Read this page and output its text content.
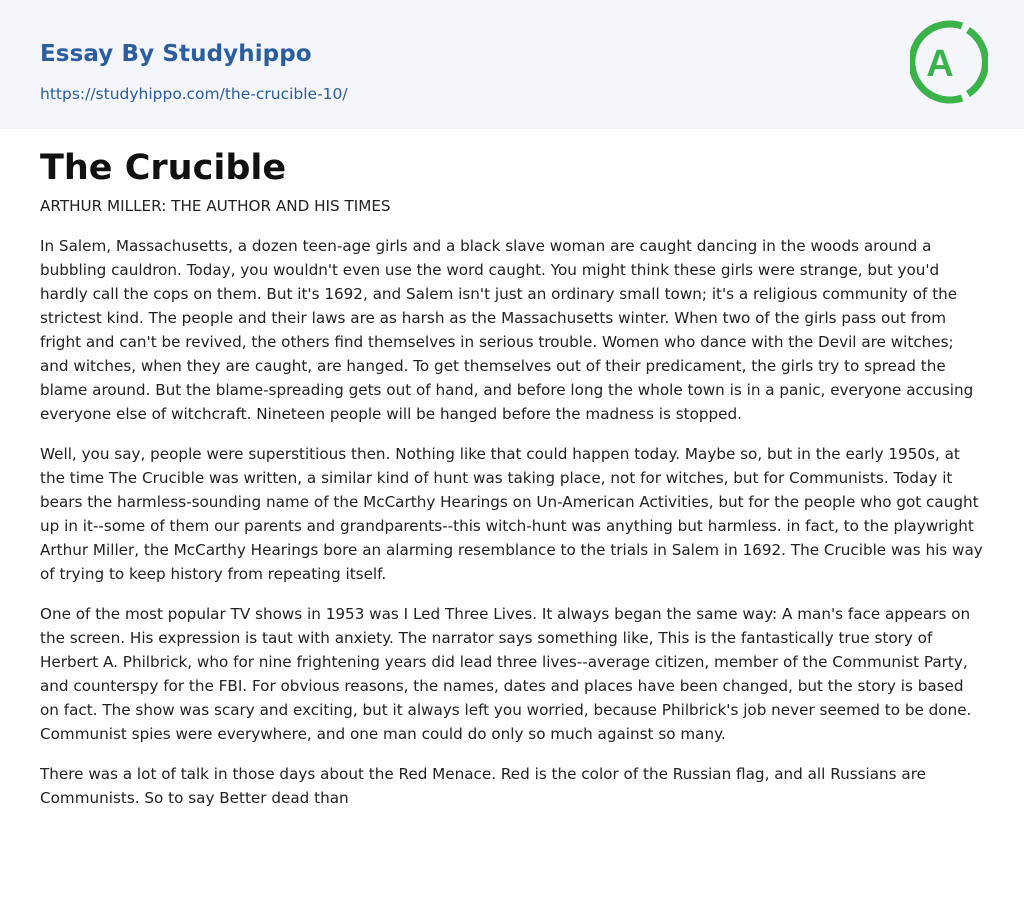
Essay By Studyhippo
https://studyhippo.com/the-crucible-10/
A
The Crucible
ARTHUR MILLER: THE AUTHOR AND HIS TIMES

In Salem, Massachusetts, a dozen teen-age girls and a black slave woman are caught dancing in the woods around a bubbling cauldron. Today, you wouldn't even use the word caught. You might think these girls were strange, but you'd hardly call the cops on them. But it's 1692, and Salem isn't just an ordinary small town; it's a religious community of the strictest kind. The people and their laws are as harsh as the Massachusetts winter. When two of the girls pass out from fright and can't be revived, the others find themselves in serious trouble. Women who dance with the Devil are witches; and witches, when they are caught, are hanged. To get themselves out of their predicament, the girls try to spread the blame around. But the blame-spreading gets out of hand, and before long the whole town is in a panic, everyone accusing everyone else of witchcraft. Nineteen people will be hanged before the madness is stopped.

Well, you say, people were superstitious then. Nothing like that could happen today. Maybe so, but in the early 1950s, at the time The Crucible was written, a similar kind of hunt was taking place, not for witches, but for Communists. Today it bears the harmless-sounding name of the McCarthy Hearings on Un-American Activities, but for the people who got caught up in it--some of them our parents and grandparents--this witch-hunt was anything but harmless. in fact, to the playwright Arthur Miller, the McCarthy Hearings bore an alarming resemblance to the trials in Salem in 1692. The Crucible was his way of trying to keep history from repeating itself.

One of the most popular TV shows in 1953 was I Led Three Lives. It always began the same way: A man's face appears on the screen. His expression is taut with anxiety. The narrator says something like, This is the fantastically true story of Herbert A. Philbrick, who for nine frightening years did lead three lives--average citizen, member of the Communist Party, and counterspy for the FBI. For obvious reasons, the names, dates and places have been changed, but the story is based on fact. The show was scary and exciting, but it always left you worried, because Philbrick's job never seemed to be done. Communist spies were everywhere, and one man could do only so much against so many.

There was a lot of talk in those days about the Red Menace. Red is the color of the Russian flag, and all Russians are Communists. So to say Better dead than
